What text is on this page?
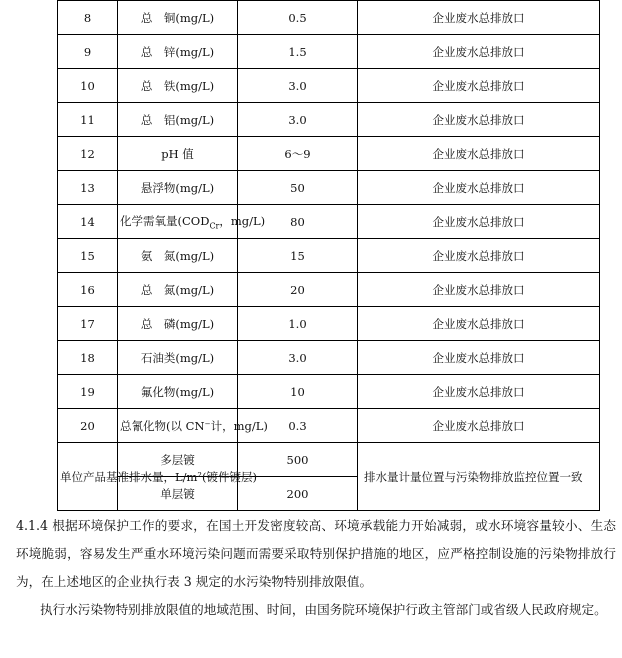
8	总　铜(mg/L)	0.5	企业废水总排放口
9	总　锌(mg/L)	1.5	企业废水总排放口
10	总　铁(mg/L)	3.0	企业废水总排放口
11	总　铝(mg/L)	3.0	企业废水总排放口
12	pH 值	6～9	企业废水总排放口
13	悬浮物(mg/L)	50	企业废水总排放口
14	化学需氧量($COD_{Cr}$，mg/L)	80	企业废水总排放口
15	氨　氮(mg/L)	15	企业废水总排放口
16	总　氮(mg/L)	20	企业废水总排放口
17	总　磷(mg/L)	1.0	企业废水总排放口
18	石油类(mg/L)	3.0	企业废水总排放口
19	氟化物(mg/L)	10	企业废水总排放口
20	总氰化物(以 CN⁻计，mg/L)	0.3	企业废水总排放口
单位产品基准排水量，L/m²(镀件镀层)	多层镀	500	排水量计量位置与污染物排放监控位置一致
	单层镀	200	
4.1.4 根据环境保护工作的要求，在国土开发密度较高、环境承载能力开始减弱，或水环境容量较小、生态环境脆弱，容易发生严重水环境污染问题而需要采取特别保护措施的地区，应严格控制设施的污染物排放行为，在上述地区的企业执行表 3 规定的水污染物特别排放限值。
执行水污染物特别排放限值的地域范围、时间，由国务院环境保护行政主管部门或省级人民政府规定。
